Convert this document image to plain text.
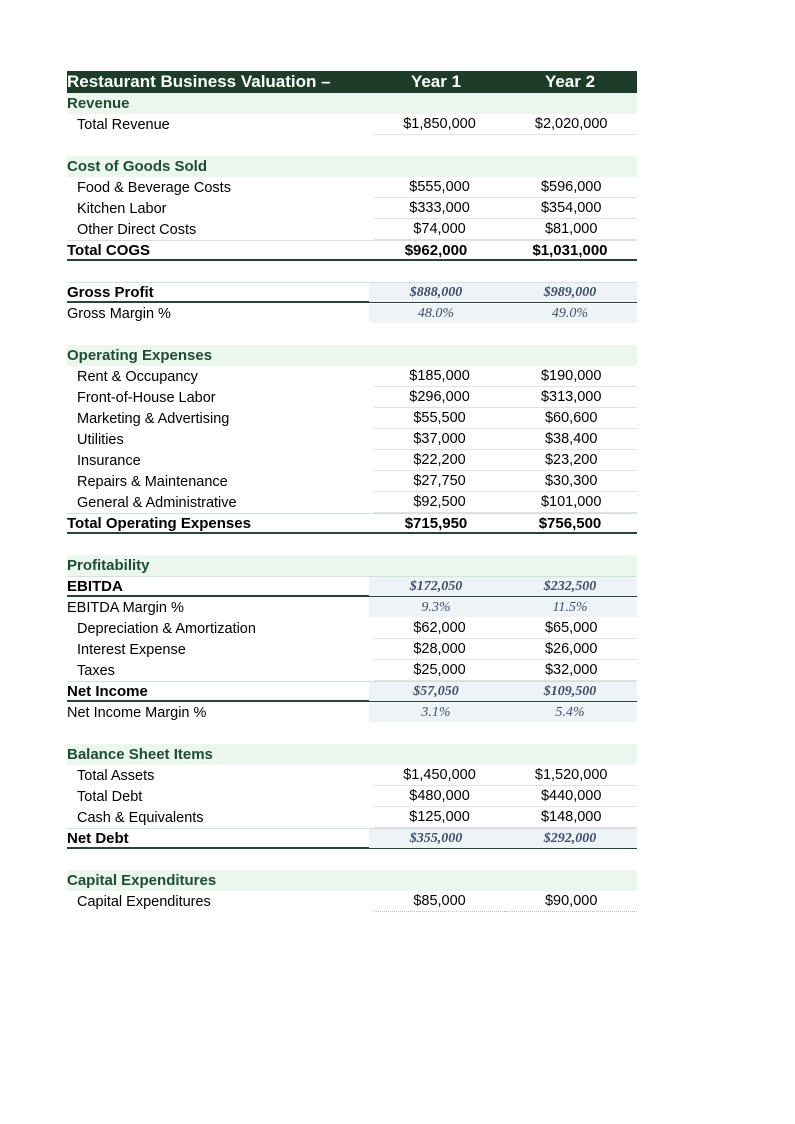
Restaurant Business Valuation –	Year 1	Year 2
Revenue
Total Revenue	$1,850,000	$2,020,000
Cost of Goods Sold
Food & Beverage Costs	$555,000	$596,000
Kitchen Labor	$333,000	$354,000
Other Direct Costs	$74,000	$81,000
Total COGS	$962,000	$1,031,000
Gross Profit	$888,000	$989,000
Gross Margin %	48.0%	49.0%
Operating Expenses
Rent & Occupancy	$185,000	$190,000
Front-of-House Labor	$296,000	$313,000
Marketing & Advertising	$55,500	$60,600
Utilities	$37,000	$38,400
Insurance	$22,200	$23,200
Repairs & Maintenance	$27,750	$30,300
General & Administrative	$92,500	$101,000
Total Operating Expenses	$715,950	$756,500
Profitability
EBITDA	$172,050	$232,500
EBITDA Margin %	9.3%	11.5%
Depreciation & Amortization	$62,000	$65,000
Interest Expense	$28,000	$26,000
Taxes	$25,000	$32,000
Net Income	$57,050	$109,500
Net Income Margin %	3.1%	5.4%
Balance Sheet Items
Total Assets	$1,450,000	$1,520,000
Total Debt	$480,000	$440,000
Cash & Equivalents	$125,000	$148,000
Net Debt	$355,000	$292,000
Capital Expenditures
Capital Expenditures	$85,000	$90,000
